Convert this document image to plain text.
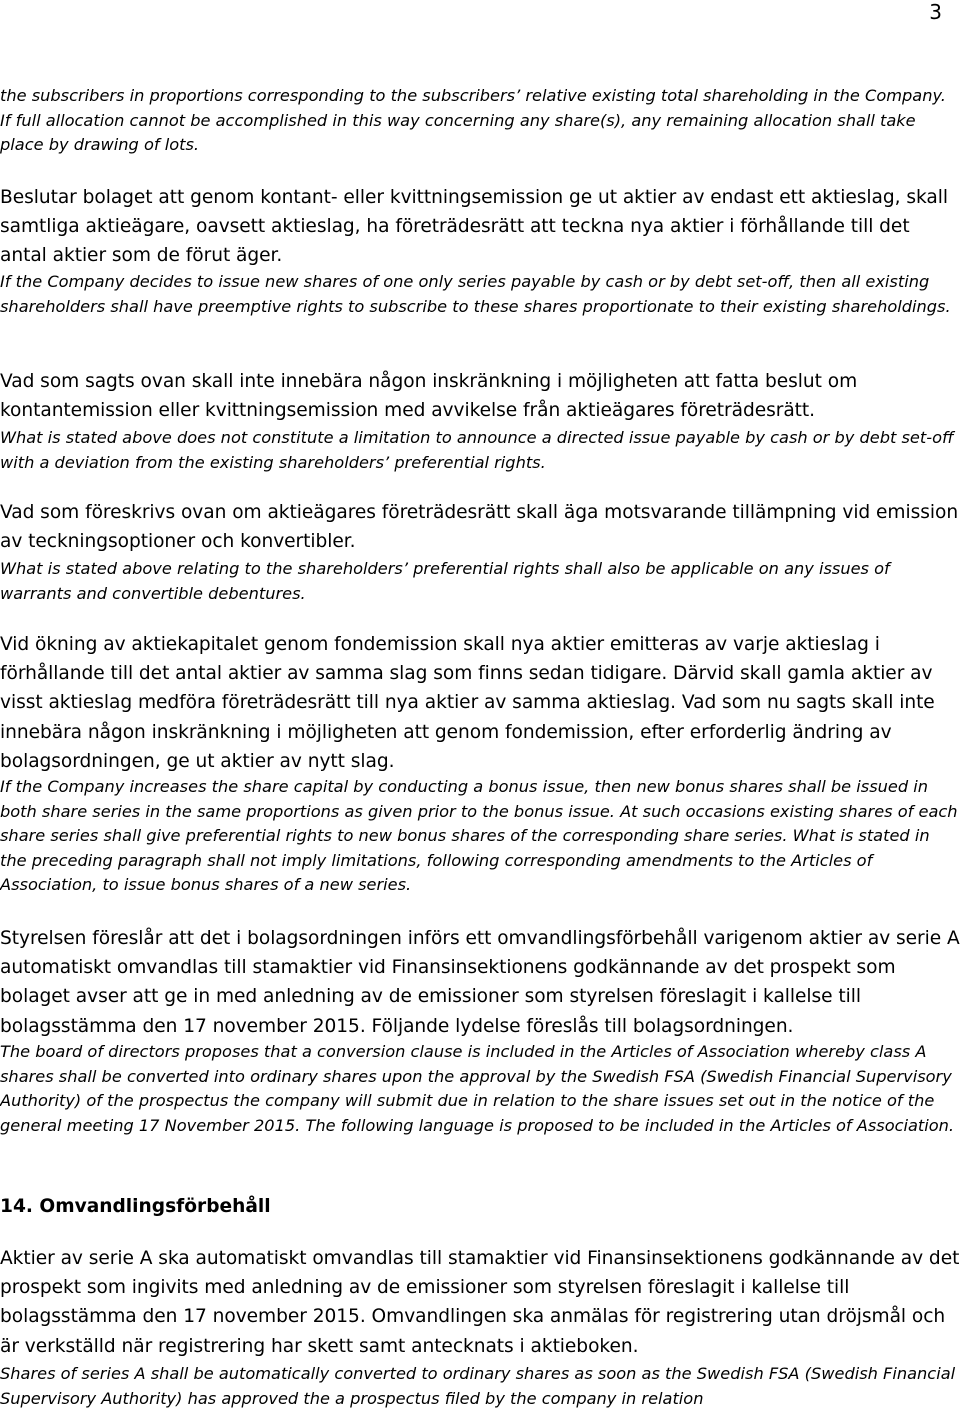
3

the subscribers in proportions corresponding to the subscribers’ relative existing total shareholding in the Company. If full allocation cannot be accomplished in this way concerning any share(s), any remaining allocation shall take place by drawing of lots.

Beslutar bolaget att genom kontant- eller kvittningsemission ge ut aktier av endast ett aktieslag, skall samtliga aktieägare, oavsett aktieslag, ha företrädesrätt att teckna nya aktier i förhållande till det antal aktier som de förut äger.

If the Company decides to issue new shares of one only series payable by cash or by debt set-off, then all existing shareholders shall have preemptive rights to subscribe to these shares proportionate to their existing shareholdings.

Vad som sagts ovan skall inte innebära någon inskränkning i möjligheten att fatta beslut om kontantemission eller kvittningsemission med avvikelse från aktieägares företrädesrätt.

What is stated above does not constitute a limitation to announce a directed issue payable by cash or by debt set-off with a deviation from the existing shareholders’ preferential rights.

Vad som föreskrivs ovan om aktieägares företrädesrätt skall äga motsvarande tillämpning vid emission av teckningsoptioner och konvertibler.

What is stated above relating to the shareholders’ preferential rights shall also be applicable on any issues of warrants and convertible debentures.

Vid ökning av aktiekapitalet genom fondemission skall nya aktier emitteras av varje aktieslag i förhållande till det antal aktier av samma slag som finns sedan tidigare. Därvid skall gamla aktier av visst aktieslag medföra företrädesrätt till nya aktier av samma aktieslag. Vad som nu sagts skall inte innebära någon inskränkning i möjligheten att genom fondemission, efter erforderlig ändring av bolagsordningen, ge ut aktier av nytt slag.

If the Company increases the share capital by conducting a bonus issue, then new bonus shares shall be issued in both share series in the same proportions as given prior to the bonus issue. At such occasions existing shares of each share series shall give preferential rights to new bonus shares of the corresponding share series. What is stated in the preceding paragraph shall not imply limitations, following corresponding amendments to the Articles of Association, to issue bonus shares of a new series.

Styrelsen föreslår att det i bolagsordningen införs ett omvandlingsförbehåll varigenom aktier av serie A automatiskt omvandlas till stamaktier vid Finansinsektionens godkännande av det prospekt som bolaget avser att ge in med anledning av de emissioner som styrelsen föreslagit i kallelse till bolagsstämma den 17 november 2015. Följande lydelse föreslås till bolagsordningen.

The board of directors proposes that a conversion clause is included in the Articles of Association whereby class A shares shall be converted into ordinary shares upon the approval by the Swedish FSA (Swedish Financial Supervisory Authority) of the prospectus the company will submit due in relation to the share issues set out in the notice of the general meeting 17 November 2015. The following language is proposed to be included in the Articles of Association.

14. Omvandlingsförbehåll

Aktier av serie A ska automatiskt omvandlas till stamaktier vid Finansinsektionens godkännande av det prospekt som ingivits med anledning av de emissioner som styrelsen föreslagit i kallelse till bolagsstämma den 17 november 2015. Omvandlingen ska anmälas för registrering utan dröjsmål och är verkställd när registrering har skett samt antecknats i aktieboken.

Shares of series A shall be automatically converted to ordinary shares as soon as the Swedish FSA (Swedish Financial Supervisory Authority) has approved the a prospectus filed by the company in relation
